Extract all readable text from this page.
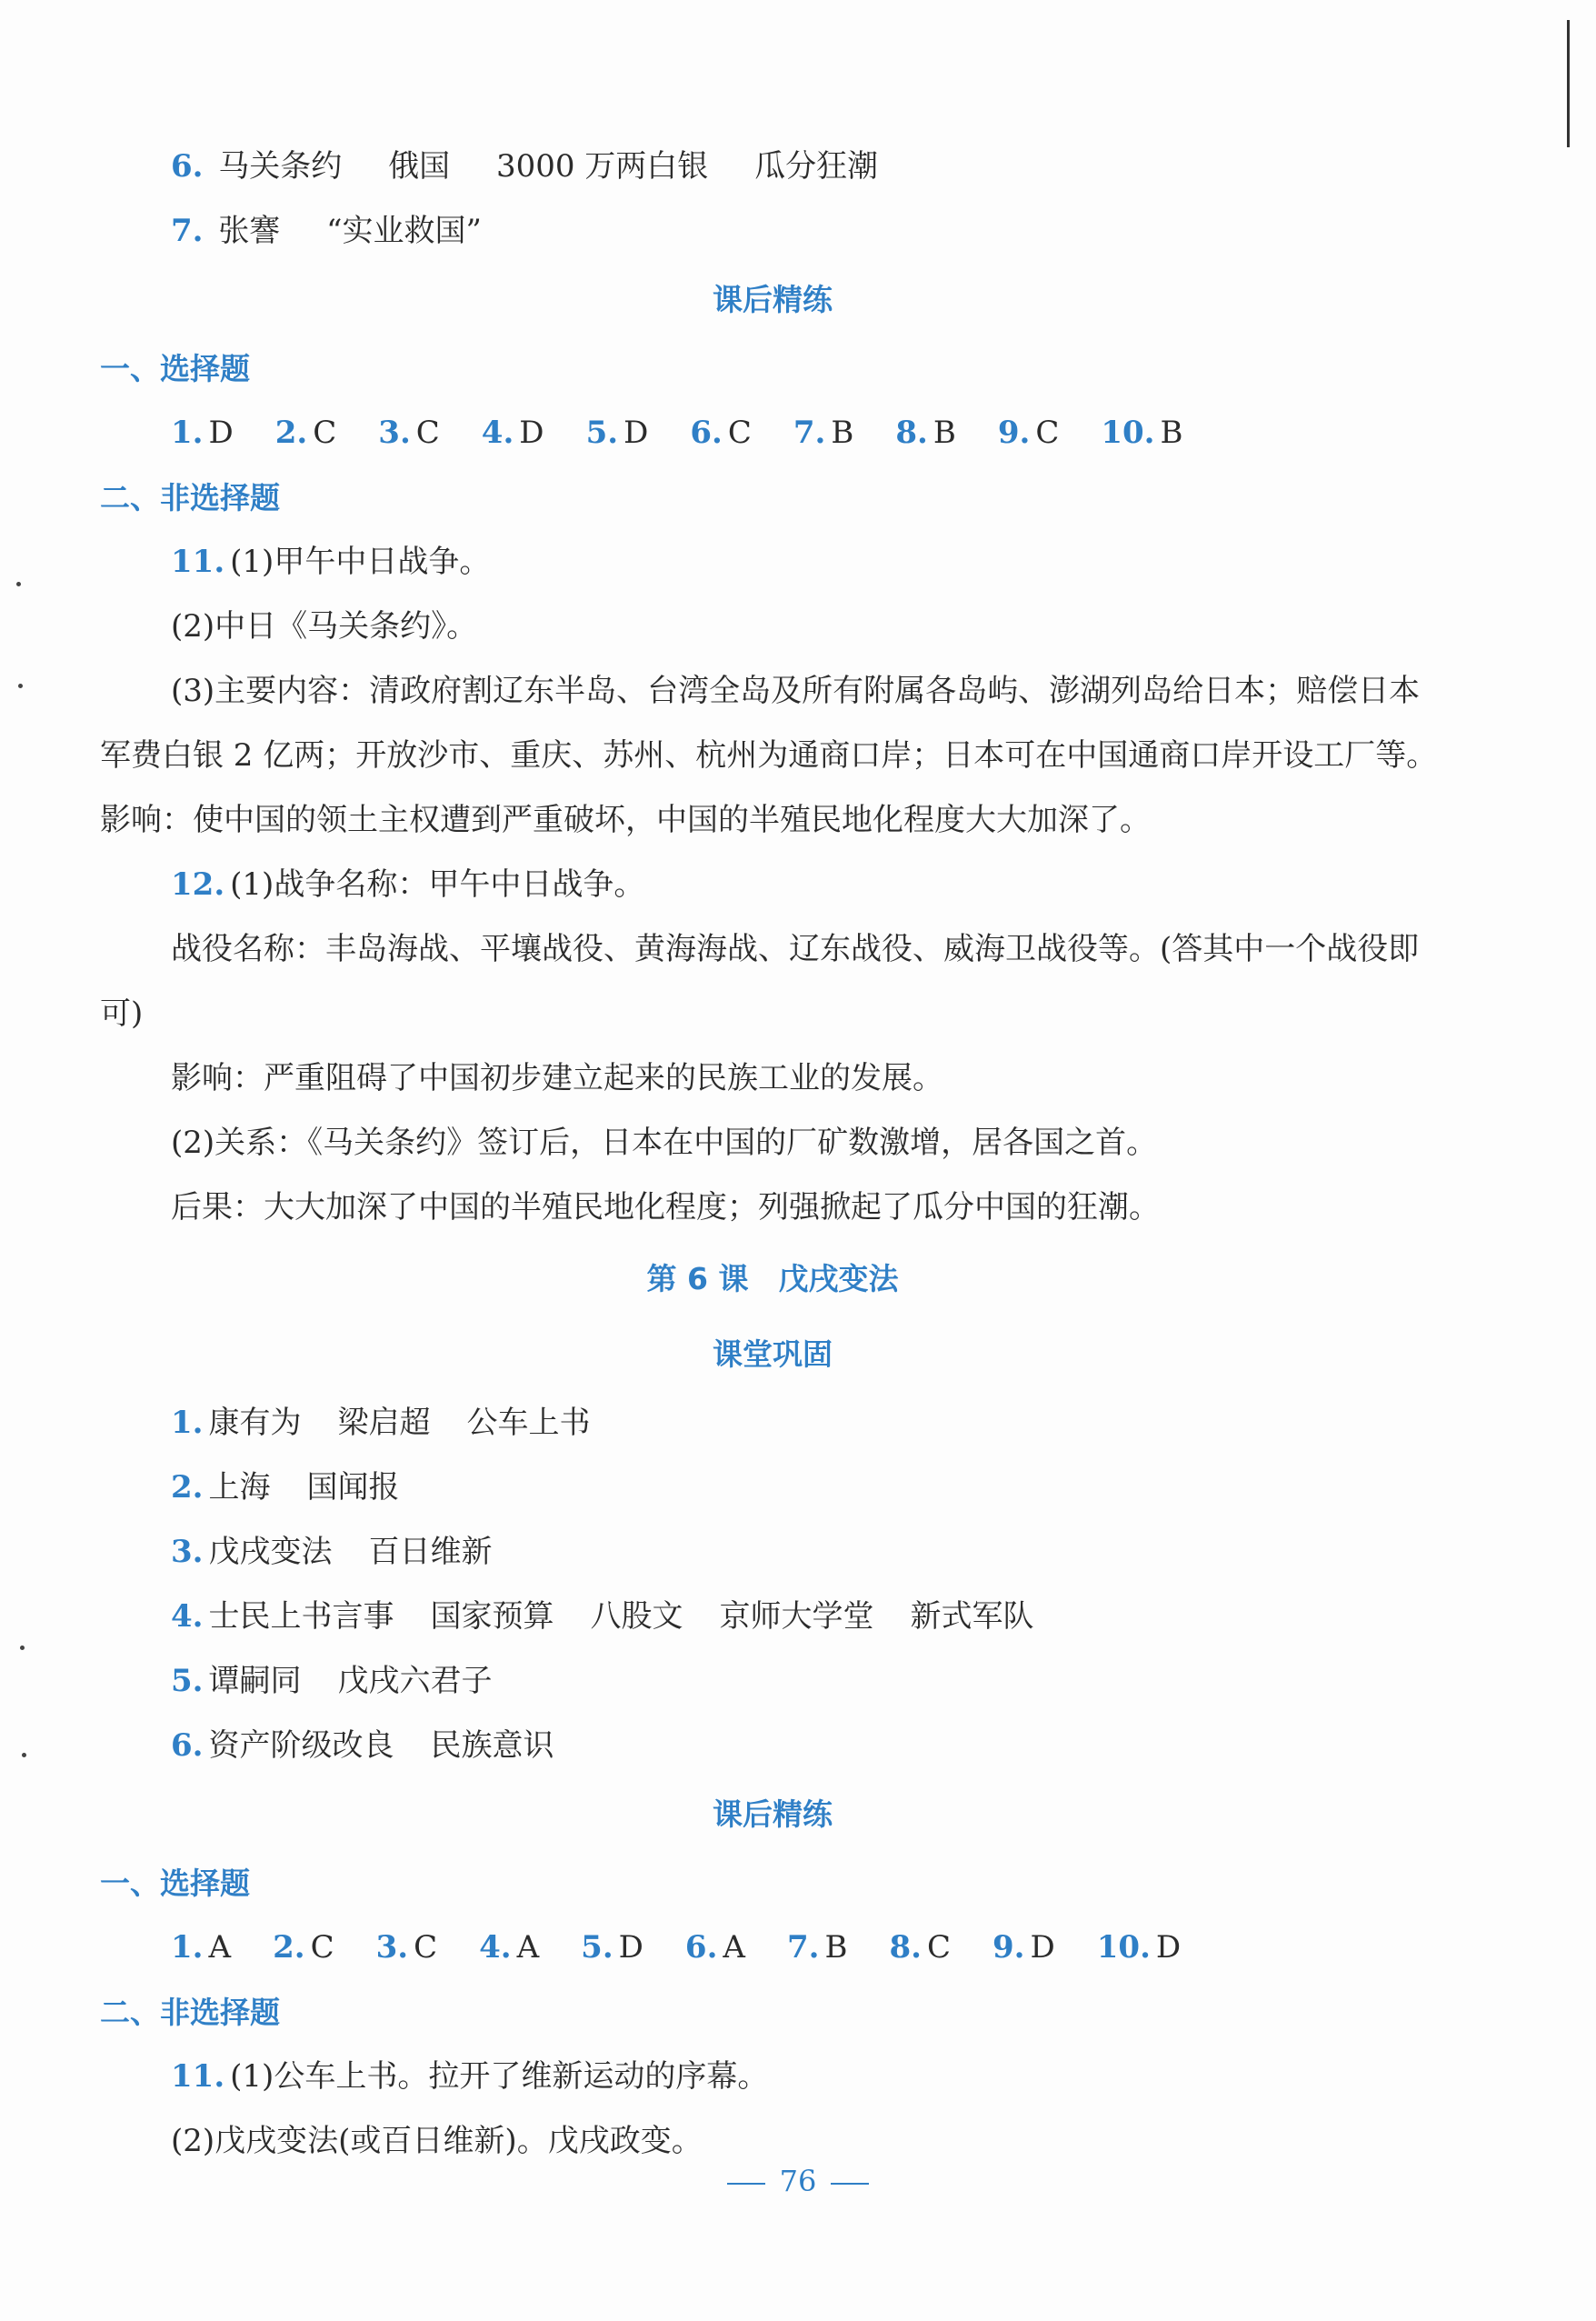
6. 马关条约 俄国 3000 万两白银 瓜分狂潮
7. 张謇 “实业救国”
课后精练
一、选择题
1. D 2. C 3. C 4. D 5. D 6. C 7. B 8. B 9. C 10. B
二、非选择题
11. (1)甲午中日战争。
(2)中日《马关条约》。
(3)主要内容：清政府割辽东半岛、台湾全岛及所有附属各岛屿、澎湖列岛给日本；赔偿日本军费白银 2 亿两；开放沙市、重庆、苏州、杭州为通商口岸；日本可在中国通商口岸开设工厂等。影响：使中国的领土主权遭到严重破坏，中国的半殖民地化程度大大加深了。
12. (1)战争名称：甲午中日战争。
战役名称：丰岛海战、平壤战役、黄海海战、辽东战役、威海卫战役等。(答其中一个战役即可)
影响：严重阻碍了中国初步建立起来的民族工业的发展。
(2)关系：《马关条约》签订后，日本在中国的厂矿数激增，居各国之首。
后果：大大加深了中国的半殖民地化程度；列强掀起了瓜分中国的狂潮。
第 6 课　戊戌变法
课堂巩固
1. 康有为 梁启超 公车上书
2. 上海 国闻报
3. 戊戌变法 百日维新
4. 士民上书言事 国家预算 八股文 京师大学堂 新式军队
5. 谭嗣同 戊戌六君子
6. 资产阶级改良 民族意识
课后精练
一、选择题
1. A 2. C 3. C 4. A 5. D 6. A 7. B 8. C 9. D 10. D
二、非选择题
11. (1)公车上书。拉开了维新运动的序幕。
(2)戊戌变法(或百日维新)。戊戌政变。
76
